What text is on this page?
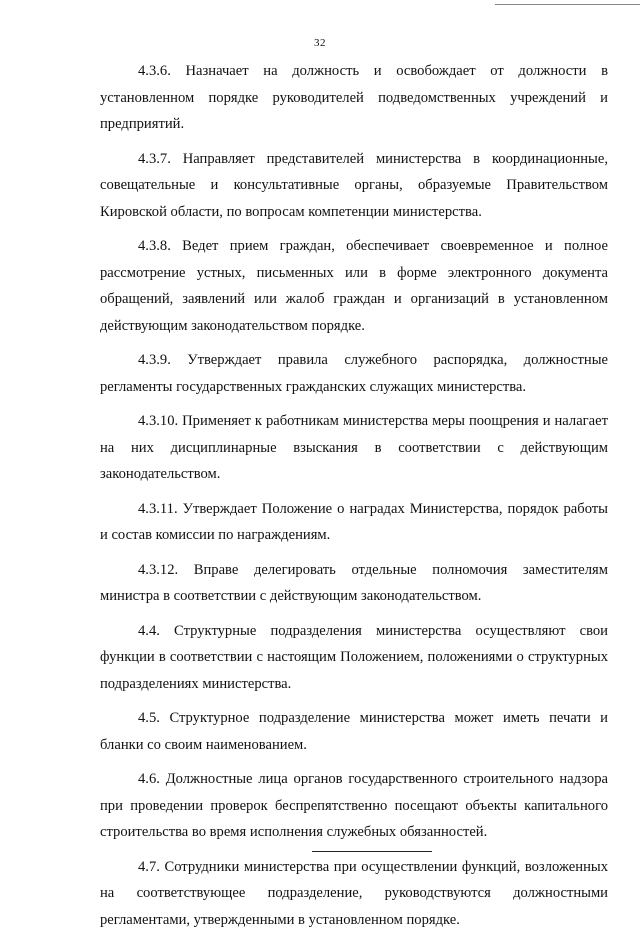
32

4.3.6. Назначает на должность и освобождает от должности в установленном порядке руководителей подведомственных учреждений и предприятий.

4.3.7. Направляет представителей министерства в координационные, совещательные и консультативные органы, образуемые Правительством Кировской области, по вопросам компетенции министерства.

4.3.8. Ведет прием граждан, обеспечивает своевременное и полное рассмотрение устных, письменных или в форме электронного документа обращений, заявлений или жалоб граждан и организаций в установленном действующим законодательством порядке.

4.3.9. Утверждает правила служебного распорядка, должностные регламенты государственных гражданских служащих министерства.

4.3.10. Применяет к работникам министерства меры поощрения и налагает на них дисциплинарные взыскания в соответствии с действующим законодательством.

4.3.11. Утверждает Положение о наградах Министерства, порядок работы и состав комиссии по награждениям.

4.3.12. Вправе делегировать отдельные полномочия заместителям министра в соответствии с действующим законодательством.

4.4. Структурные подразделения министерства осуществляют свои функции в соответствии с настоящим Положением, положениями о структурных подразделениях министерства.

4.5. Структурное подразделение министерства может иметь печати и бланки со своим наименованием.

4.6. Должностные лица органов государственного строительного надзора при проведении проверок беспрепятственно посещают объекты капитального строительства во время исполнения служебных обязанностей.

4.7. Сотрудники министерства при осуществлении функций, возложенных на соответствующее подразделение, руководствуются должностными регламентами, утвержденными в установленном порядке.
